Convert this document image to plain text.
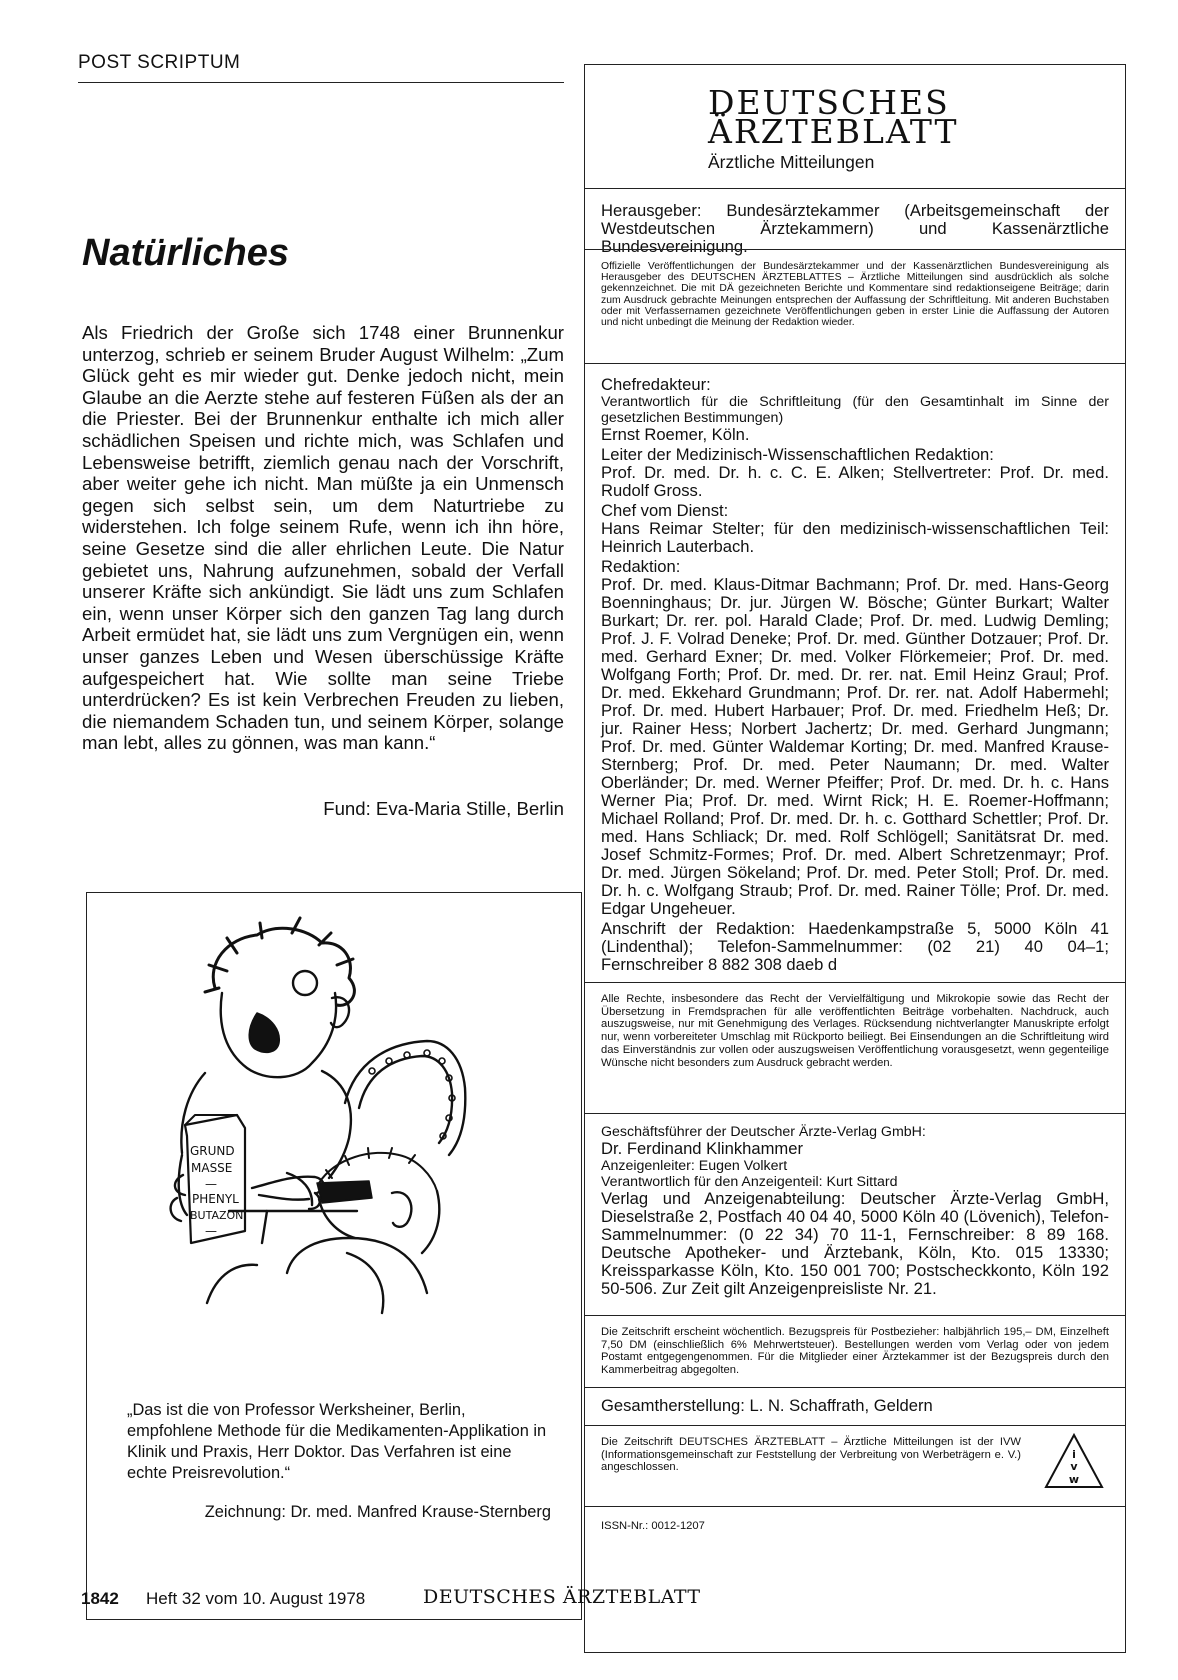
POST SCRIPTUM
Natürliches

Als Friedrich der Große sich 1748 einer Brunnenkur unterzog, schrieb er seinem Bruder August Wilhelm: „Zum Glück geht es mir wieder gut. Denke jedoch nicht, mein Glaube an die Aerzte stehe auf festeren Füßen als der an die Priester. Bei der Brunnenkur enthalte ich mich aller schädlichen Speisen und richte mich, was Schlafen und Lebensweise betrifft, ziemlich genau nach der Vorschrift, aber weiter gehe ich nicht. Man müßte ja ein Unmensch gegen sich selbst sein, um dem Naturtriebe zu widerstehen. Ich folge seinem Rufe, wenn ich ihn höre, seine Gesetze sind die aller ehrlichen Leute. Die Natur gebietet uns, Nahrung aufzunehmen, sobald der Verfall unserer Kräfte sich ankündigt. Sie lädt uns zum Schlafen ein, wenn unser Körper sich den ganzen Tag lang durch Arbeit ermüdet hat, sie lädt uns zum Vergnügen ein, wenn unser ganzes Leben und Wesen überschüssige Kräfte aufgespeichert hat. Wie sollte man seine Triebe unterdrücken? Es ist kein Verbrechen Freuden zu lieben, die niemandem Schaden tun, und seinem Körper, solange man lebt, alles zu gönnen, was man kann.“

Fund: Eva-Maria Stille, Berlin
GRUND
MASSE
—
PHENYL
BUTAZON
—

„Das ist die von Professor Werksheiner, Berlin, empfohlene Methode für die Medikamenten-Applikation in Klinik und Praxis, Herr Doktor. Das Verfahren ist eine echte Preisrevolution.“

Zeichnung: Dr. med. Manfred Krause-Sternberg
DEUTSCHES
ÄRZTEBLATT
Ärztliche Mitteilungen

Herausgeber: Bundesärztekammer (Arbeitsgemeinschaft der Westdeutschen Ärztekammern) und Kassenärztliche Bundesvereinigung.

Offizielle Veröffentlichungen der Bundesärztekammer und der Kassenärztlichen Bundesvereinigung als Herausgeber des DEUTSCHEN ÄRZTEBLATTES – Ärztliche Mitteilungen sind ausdrücklich als solche gekennzeichnet. Die mit DÄ gezeichneten Berichte und Kommentare sind redaktionseigene Beiträge; darin zum Ausdruck gebrachte Meinungen entsprechen der Auffassung der Schriftleitung. Mit anderen Buchstaben oder mit Verfassernamen gezeichnete Veröffentlichungen geben in erster Linie die Auffassung der Autoren und nicht unbedingt die Meinung der Redaktion wieder.

Chefredakteur:
Verantwortlich für die Schriftleitung (für den Gesamtinhalt im Sinne der gesetzlichen Bestimmungen)
Ernst Roemer, Köln.
Leiter der Medizinisch-Wissenschaftlichen Redaktion:
Prof. Dr. med. Dr. h. c. C. E. Alken; Stellvertreter: Prof. Dr. med. Rudolf Gross.
Chef vom Dienst:
Hans Reimar Stelter; für den medizinisch-wissenschaftlichen Teil: Heinrich Lauterbach.
Redaktion:
Prof. Dr. med. Klaus-Ditmar Bachmann; Prof. Dr. med. Hans-Georg Boenninghaus; Dr. jur. Jürgen W. Bösche; Günter Burkart; Walter Burkart; Dr. rer. pol. Harald Clade; Prof. Dr. med. Ludwig Demling; Prof. J. F. Volrad Deneke; Prof. Dr. med. Günther Dotzauer; Prof. Dr. med. Gerhard Exner; Dr. med. Volker Flörkemeier; Prof. Dr. med. Wolfgang Forth; Prof. Dr. med. Dr. rer. nat. Emil Heinz Graul; Prof. Dr. med. Ekkehard Grundmann; Prof. Dr. rer. nat. Adolf Habermehl; Prof. Dr. med. Hubert Harbauer; Prof. Dr. med. Friedhelm Heß; Dr. jur. Rainer Hess; Norbert Jachertz; Dr. med. Gerhard Jungmann; Prof. Dr. med. Günter Waldemar Korting; Dr. med. Manfred Krause-Sternberg; Prof. Dr. med. Peter Naumann; Dr. med. Walter Oberländer; Dr. med. Werner Pfeiffer; Prof. Dr. med. Dr. h. c. Hans Werner Pia; Prof. Dr. med. Wirnt Rick; H. E. Roemer-Hoffmann; Michael Rolland; Prof. Dr. med. Dr. h. c. Gotthard Schettler; Prof. Dr. med. Hans Schliack; Dr. med. Rolf Schlögell; Sanitätsrat Dr. med. Josef Schmitz-Formes; Prof. Dr. med. Albert Schretzenmayr; Prof. Dr. med. Jürgen Sökeland; Prof. Dr. med. Peter Stoll; Prof. Dr. med. Dr. h. c. Wolfgang Straub; Prof. Dr. med. Rainer Tölle; Prof. Dr. med. Edgar Ungeheuer.
Anschrift der Redaktion: Haedenkampstraße 5, 5000 Köln 41 (Lindenthal); Telefon-Sammelnummer: (02 21) 40 04–1; Fernschreiber 8 882 308 daeb d

Alle Rechte, insbesondere das Recht der Vervielfältigung und Mikrokopie sowie das Recht der Übersetzung in Fremdsprachen für alle veröffentlichten Beiträge vorbehalten. Nachdruck, auch auszugsweise, nur mit Genehmigung des Verlages. Rücksendung nichtverlangter Manuskripte erfolgt nur, wenn vorbereiteter Umschlag mit Rückporto beiliegt. Bei Einsendungen an die Schriftleitung wird das Einverständnis zur vollen oder auszugsweisen Veröffentlichung vorausgesetzt, wenn gegenteilige Wünsche nicht besonders zum Ausdruck gebracht werden.

Geschäftsführer der Deutscher Ärzte-Verlag GmbH:
Dr. Ferdinand Klinkhammer
Anzeigenleiter: Eugen Volkert
Verantwortlich für den Anzeigenteil: Kurt Sittard
Verlag und Anzeigenabteilung: Deutscher Ärzte-Verlag GmbH, Dieselstraße 2, Postfach 40 04 40, 5000 Köln 40 (Lövenich), Telefon-Sammelnummer: (0 22 34) 70 11-1, Fernschreiber: 8 89 168. Deutsche Apotheker- und Ärztebank, Köln, Kto. 015 13330; Kreissparkasse Köln, Kto. 150 001 700; Postscheckkonto, Köln 192 50-506. Zur Zeit gilt Anzeigenpreisliste Nr. 21.

Die Zeitschrift erscheint wöchentlich. Bezugspreis für Postbezieher: halbjährlich 195,– DM, Einzelheft 7,50 DM (einschließlich 6% Mehrwertsteuer). Bestellungen werden vom Verlag oder von jedem Postamt entgegengenommen. Für die Mitglieder einer Ärztekammer ist der Bezugspreis durch den Kammerbeitrag abgegolten.

Gesamtherstellung: L. N. Schaffrath, Geldern

Die Zeitschrift DEUTSCHES ÄRZTEBLATT – Ärztliche Mitteilungen ist der IVW (Informationsgemeinschaft zur Feststellung der Verbreitung von Werbeträgern e. V.) angeschlossen.

i
v
w
ISSN-Nr.: 0012-1207
1842 Heft 32 vom 10. August 1978	DEUTSCHES ÄRZTEBLATT
